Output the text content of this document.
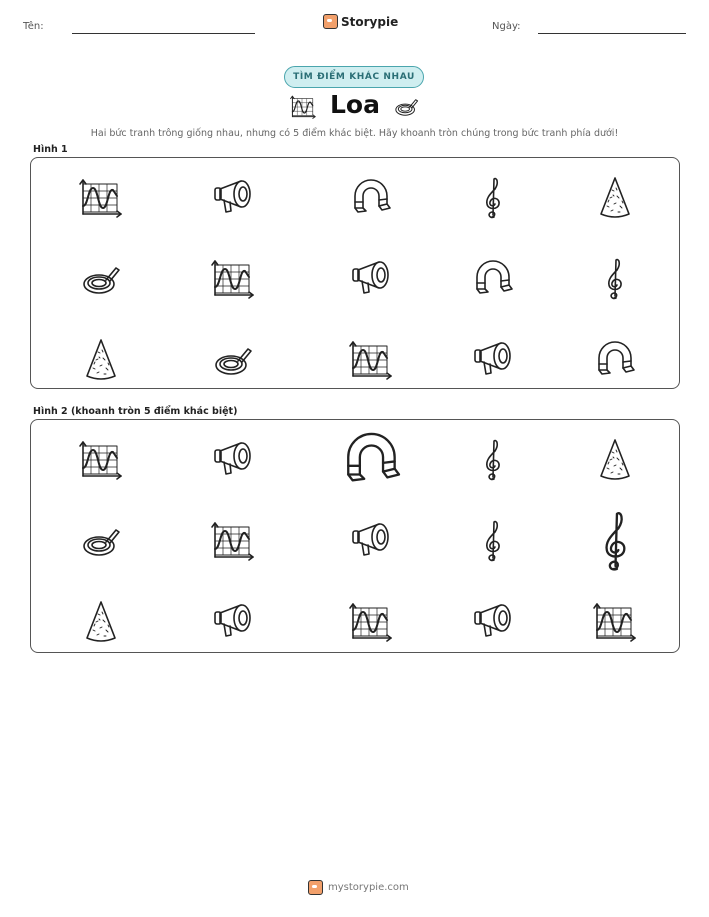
Tên:	Storypie	Ngày:
TÌM ĐIỂM KHÁC NHAU
Loa
Hai bức tranh trông giống nhau, nhưng có 5 điểm khác biệt. Hãy khoanh tròn chúng trong bức tranh phía dưới!
Hình 1
Hình 2 (khoanh tròn 5 điểm khác biệt)
mystorypie.com
